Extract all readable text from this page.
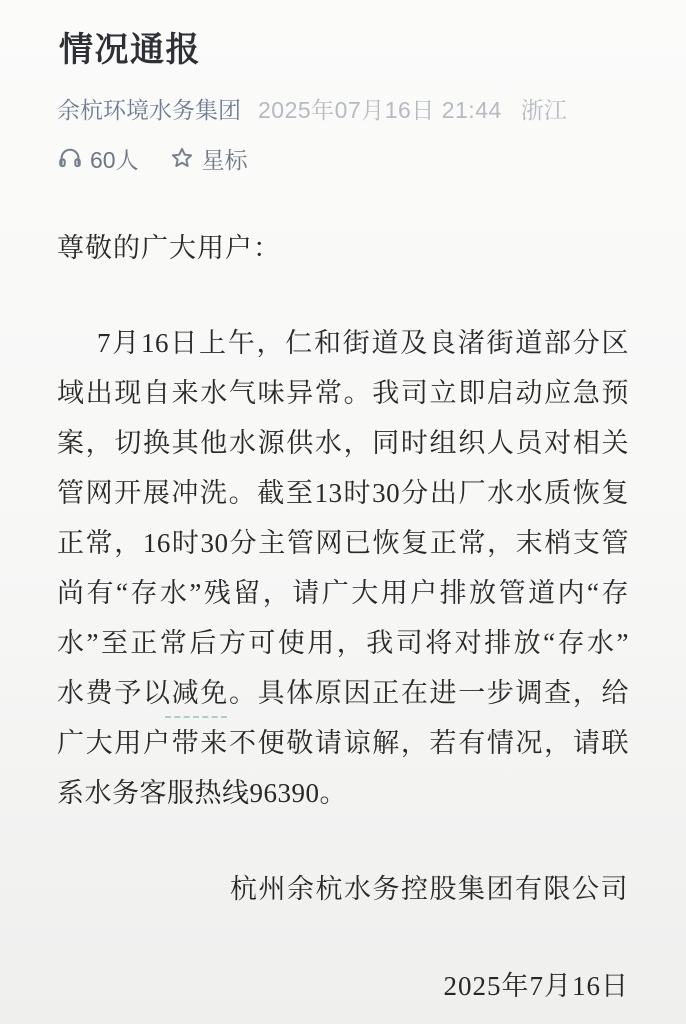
情况通报
余杭环境水务集团 2025年07月16日 21:44 浙江
60人	星标
尊敬的广大用户：
7月16日上午，仁和街道及良渚街道部分区
域出现自来水气味异常。我司立即启动应急预
案，切换其他水源供水，同时组织人员对相关
管网开展冲洗。截至13时30分出厂水水质恢复
正常，16时30分主管网已恢复正常，末梢支管
尚有“存水”残留，请广大用户排放管道内“存
水”至正常后方可使用，我司将对排放“存水”
水费予以减免。具体原因正在进一步调查，给
广大用户带来不便敬请谅解，若有情况，请联
系水务客服热线96390。
杭州余杭水务控股集团有限公司
2025年7月16日
